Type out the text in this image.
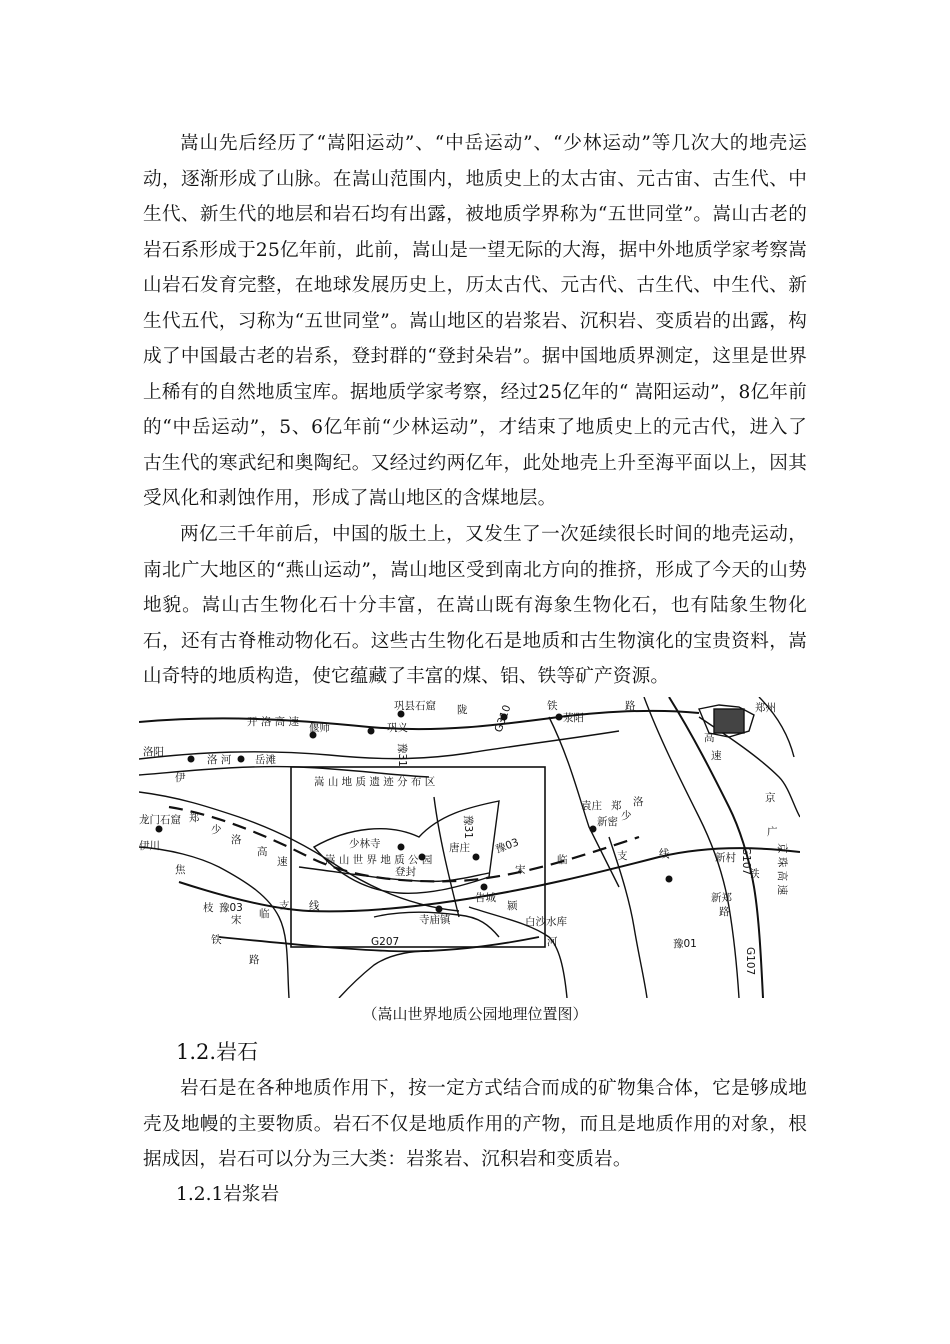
嵩山先后经历了“嵩阳运动”、“中岳运动”、“少林运动”等几次大的地壳运动，逐渐形成了山脉。在嵩山范围内，地质史上的太古宙、元古宙、古生代、中生代、新生代的地层和岩石均有出露，被地质学界称为“五世同堂”。嵩山古老的岩石系形成于25亿年前，此前，嵩山是一望无际的大海，据中外地质学家考察嵩山岩石发育完整，在地球发展历史上，历太古代、元古代、古生代、中生代、新生代五代，习称为“五世同堂”。嵩山地区的岩浆岩、沉积岩、变质岩的出露，构成了中国最古老的岩系，登封群的“登封朵岩”。据中国地质界测定，这里是世界上稀有的自然地质宝库。据地质学家考察，经过25亿年的“ 嵩阳运动”，8亿年前的“中岳运动”，5、6亿年前“少林运动”，才结束了地质史上的元古代，进入了古生代的寒武纪和奥陶纪。又经过约两亿年，此处地壳上升至海平面以上，因其受风化和剥蚀作用，形成了嵩山地区的含煤地层。

两亿三千年前后，中国的版土上，又发生了一次延续很长时间的地壳运动，南北广大地区的“燕山运动”，嵩山地区受到南北方向的推挤，形成了今天的山势地貌。嵩山古生物化石十分丰富，在嵩山既有海象生物化石，也有陆象生物化石，还有古脊椎动物化石。这些古生物化石是地质和古生物演化的宝贵资料，嵩山奇特的地质构造，使它蕴藏了丰富的煤、铝、铁等矿产资源。

巩县石窟
开 洛 高 速
陇
巩义	G310	铁
荥阳
路	郑州
偃师
洛阳
洛 河 岳滩
伊
豫31
高
速
嵩 山 地 质 遗 迹 分 布 区
洛
少
龙门石窟 郑
少
洛
高
速
袁庄 郑
新密
少林寺
嵩 山 世 界 地 质 公 园
唐庄
豫31
豫03
宋
临	支	线
京
广
伊川
焦	登封
告城
新村 G107
铁 京 珠 高 速
新郑
枝 豫03
宋 临
支 线
寺庙镇
颍
白沙水库
铁	河
G207
路
豫01
G107
路
（嵩山世界地质公园地理位置图）
1.2.岩石

岩石是在各种地质作用下，按一定方式结合而成的矿物集合体，它是够成地壳及地幔的主要物质。岩石不仅是地质作用的产物，而且是地质作用的对象，根据成因，岩石可以分为三大类：岩浆岩、沉积岩和变质岩。

1.2.1岩浆岩
